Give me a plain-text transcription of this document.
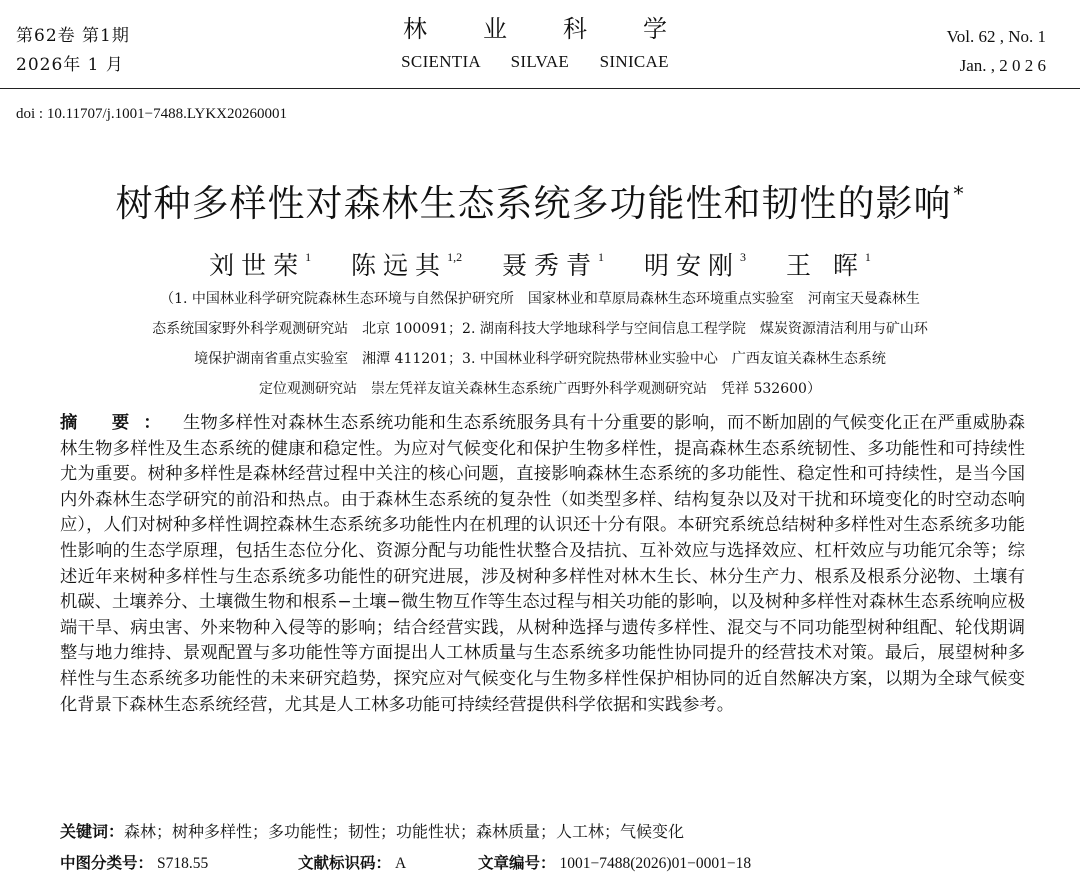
第62卷 第1期
2026年 1 月
林业科学
SCIENTIA SILVAE SINICAE
Vol. 62 , No. 1
Jan. , 2 0 2 6
doi : 10.11707/j.1001−7488.LYKX20260001
树种多样性对森林生态系统多功能性和韧性的影响 *
刘世荣$^1$ 陈远其$^{1,2}$ 聂秀青$^1$ 明安刚$^3$ 王 晖$^1$
（1. 中国林业科学研究院森林生态环境与自然保护研究所　国家林业和草原局森林生态环境重点实验室　河南宝天曼森林生
态系统国家野外科学观测研究站　北京 100091；2. 湖南科技大学地球科学与空间信息工程学院　煤炭资源清洁利用与矿山环
境保护湖南省重点实验室　湘潭 411201；3. 中国林业科学研究院热带林业实验中心　广西友谊关森林生态系统
定位观测研究站　崇左凭祥友谊关森林生态系统广西野外科学观测研究站　凭祥 532600）
摘 要： 生物多样性对森林生态系统功能和生态系统服务具有十分重要的影响，而不断加剧的气候变化正在严重威胁森林生物多样性及生态系统的健康和稳定性。为应对气候变化和保护生物多样性，提高森林生态系统韧性、多功能性和可持续性尤为重要。树种多样性是森林经营过程中关注的核心问题，直接影响森林生态系统的多功能性、稳定性和可持续性，是当今国内外森林生态学研究的前沿和热点。由于森林生态系统的复杂性（如类型多样、结构复杂以及对干扰和环境变化的时空动态响应），人们对树种多样性调控森林生态系统多功能性内在机理的认识还十分有限。本研究系统总结树种多样性对生态系统多功能性影响的生态学原理，包括生态位分化、资源分配与功能性状整合及拮抗、互补效应与选择效应、杠杆效应与功能冗余等；综述近年来树种多样性与生态系统多功能性的研究进展，涉及树种多样性对林木生长、林分生产力、根系及根系分泌物、土壤有机碳、土壤养分、土壤微生物和根系−土壤−微生物互作等生态过程与相关功能的影响，以及树种多样性对森林生态系统响应极端干旱、病虫害、外来物种入侵等的影响；结合经营实践，从树种选择与遗传多样性、混交与不同功能型树种组配、轮伐期调整与地力维持、景观配置与多功能性等方面提出人工林质量与生态系统多功能性协同提升的经营技术对策。最后，展望树种多样性与生态系统多功能性的未来研究趋势，探究应对气候变化与生物多样性保护相协同的近自然解决方案，以期为全球气候变化背景下森林生态系统经营，尤其是人工林多功能可持续经营提供科学依据和实践参考。
关键词：森林；树种多样性；多功能性；韧性；功能性状；森林质量；人工林；气候变化
中图分类号： S718.55	文献标识码： A	文章编号： 1001−7488(2026)01−0001−18
